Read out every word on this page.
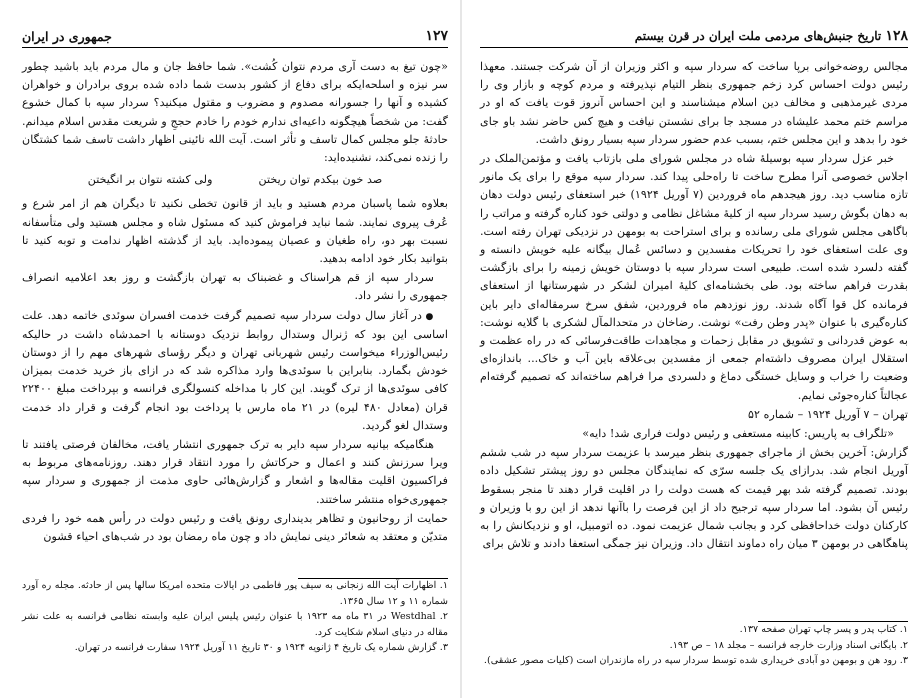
۱۲۷
جمهوری در ایران

«چون تیغ به دست آری مردم نتوان کُشت». شما حافظ جان و مال مردم باید باشید چطور سر نیزه و اسلحه‌ایکه برای دفاع از کشور بدست شما داده شده بروی برادران و خواهران کشیده و آنها را جسورانه مصدوم و مضروب و مقتول میکنید؟ سردار سپه با کمال خشوع گفت: من شخصاً هیچگونه داعیه‌ای ندارم خودم را خادم حججِ و شریعت مقدس اسلام میدانم. حادثهٔ جلو مجلس کمال تاسف و تأثر است. آیت الله نائینی اظهار داشت تاسف شما کشتگان را زنده نمی‌کند، نشنیده‌اید:

صد خون بیکدم توان ریختن
ولی کشته نتوان بر انگیختن

بعلاوه شما پاسبان مردم هستید و باید از قانون تخطی نکنید تا دیگران هم از امر شرع و عُرف پیروی نمایند. شما نباید فراموش کنید که مسئول شاه و مجلس هستید ولی متأسفانه نسبت بهر دو، راه طغیان و عصیان پیموده‌اید. باید از گذشته اظهار ندامت و توبه کنید تا بتوانید بکار خود ادامه بدهید.

سردار سپه از قم هراسناک و غضبناک به تهران بازگشت و روز بعد اعلامیه انصراف جمهوری را نشر داد.

● در آغاز سال دولت سردار سپه تصمیم گرفت خدمت افسران سوئدی خاتمه دهد. علت اساسی این بود که ژنرال وستدال روابط نزدیک دوستانه با احمدشاه داشت در حالیکه رئیس‌الوزراء میخواست رئیس شهربانی تهران و دیگر رؤسای شهرهای مهم را از دوستان خودش بگمارد. بنابراین با سوئدی‌ها وارد مذاکره شد که در ازای باز خرید خدمت بمیزان کافی سوئدی‌ها از ترک گویند. این کار با مداخله کنسولگری فرانسه و بپرداخت مبلغ ۲۲۴۰۰ قران (معادل ۴۸۰ لیره) در ۲۱ ماه مارس با پرداخت بود انجام گرفت و قرار داد خدمت وستدال لغو گردید.

هنگامیکه بیانیه سردار سپه دایر به ترک جمهوری انتشار یافت، مخالفان فرصتی یافتند تا ویرا سرزنش کنند و اعمال و حرکاتش را مورد انتقاد قرار دهند. روزنامه‌های مربوط به فراکسیون اقلیت مقاله‌ها و اشعار و گزارش‌هائی حاوی مذمت از جمهوری و سردار سپه جمهوری‌خواه منتشر ساختند.

حمایت از روحانیون و تظاهر بدینداری رونق یافت و رئیس دولت در رأس همه خود را فردی متدیّن و معتقد به شعائر دینی نمایش داد و چون ماه رمضان بود در شب‌های احیاء قشون

۱. اظهارات آیت الله زنجانی به سیف پور فاطمی در ایالات متحده امریکا سالها پس از حادثه. مجله ره آورد شماره ۱۱ و ۱۲ سال ۱۳۶۵.

۲. Westdhal در ۳۱ ماه مه ۱۹۲۳ با عنوان رئیس پلیس ایران علیه وابسته نظامی فرانسه به علت نشر مقاله در دنیای اسلام شکایت کرد.

۳. گزارش شماره یک تاریخ ۴ ژانویه ۱۹۲۴ و ۳۰ تاریخ ۱۱ آوریل ۱۹۲۴ سفارت فرانسه در تهران.

۱۲۸ تاریخ جنبش‌های مردمی ملت ایران در قرن بیستم

مجالس روضه‌خوانی برپا ساخت که سردار سپه و اکثر وزیران از آن شرکت جستند. معهذا رئیس دولت احساس کرد زخم جمهوری بنظر التیام نپذیرفته و مردم کوچه و بازار وی را مردی غیرمذهبی و مخالف دین اسلام میشناسند و این احساس آنروز قوت یافت که او در مراسم ختم محمد علیشاه در مسجد جا برای نشستن نیافت و هیچ کس حاضر نشد باو جای خود را بدهد و این مجلس ختم، بسبب عدم حضور سردار سپه بسیار رونق داشت.

خبر عزل سردار سپه بوسیلهٔ شاه در مجلس شورای ملی بازتاب یافت و مؤتمن‌الملک در اجلاس خصوصی آنرا مطرح ساخت تا راه‌حلی پیدا کند. سردار سپه موقع را برای یک مانور تازه مناسب دید. روز هیجدهم ماه فروردین (۷ آوریل ۱۹۲۴) خبر استعفای رئیس دولت دهان به دهان بگوش رسید سردار سپه از کلیهٔ مشاغل نظامی و دولتی خود کناره گرفته و مراتب را باگاهی مجلس شورای ملی رسانده و برای استراحت به بومهن در نزدیکی تهران رفته است. وی علت استعفای خود را تحریکات مفسدین و دسائس عُمال بیگانه علیه خویش دانسته و گفته دلسرد شده است. طبیعی است سردار سپه با دوستان خویش زمینه را برای بازگشت بقدرت فراهم ساخته بود. طی بخشنامه‌ای کلیهٔ امیران لشکر در شهرستانها از استعفای فرمانده کل قوا آگاه شدند. روز نوزدهم ماه فروردین، شفق سرخ سرمقاله‌ای دایر باین کناره‌گیری با عنوان «پدر وطن رفت» نوشت. رضاخان در متحدالمآل لشکری با گلایه نوشت: به عوض قدردانی و تشویق در مقابل زحمات و مجاهدات طاقت‌فرسائی که در راه عظمت و استقلال ایران مصروف داشته‌ام جمعی از مفسدین بی‌علاقه باین آب و خاک... باندازه‌ای وضعیت را خراب و وسایل خستگی دماغ و دلسردی مرا فراهم ساخته‌اند که تصمیم گرفته‌ام عجالتاً کناره‌جوئی نمایم.

تهران – ۷ آوریل ۱۹۲۴ – شماره ۵۲

«تلگراف به پاریس: کابینه مستعفی و رئیس دولت فراری شد! دایه»

گزارش: آخرین بخش از ماجرای جمهوری بنظر میرسد با عزیمت سردار سپه در شب ششم آوریل انجام شد. بدرازای یک جلسه سرّی که نمایندگان مجلس دو روز پیشتر تشکیل داده بودند. تصمیم گرفته شد بهر قیمت که هست دولت را در اقلیت قرار دهند تا منجر بسقوط رئیس آن بشود. اما سردار سپه ترجیح داد از این فرصت را باآنها ندهد از این رو با وزیران و کارکنان دولت خداحافظی کرد و بجانب شمال عزیمت نمود. ده اتومبیل، او و نزدیکانش را به پناهگاهی در بومهن ۳ میان راه دماوند انتقال داد. وزیران نیز جمگی استعفا دادند و تلاش برای

۱. کتاب پدر و پسر چاپ تهران صفحه ۱۳۷.

۲. بایگانی اسناد وزارت خارجه فرانسه – مجلد ۱۸ – ص ۱۹۳.

۳. رود هن و بومهن دو آبادی خریداری شده توسط سردار سپه در راه مازندران است (کلیات مصور عشقی).
